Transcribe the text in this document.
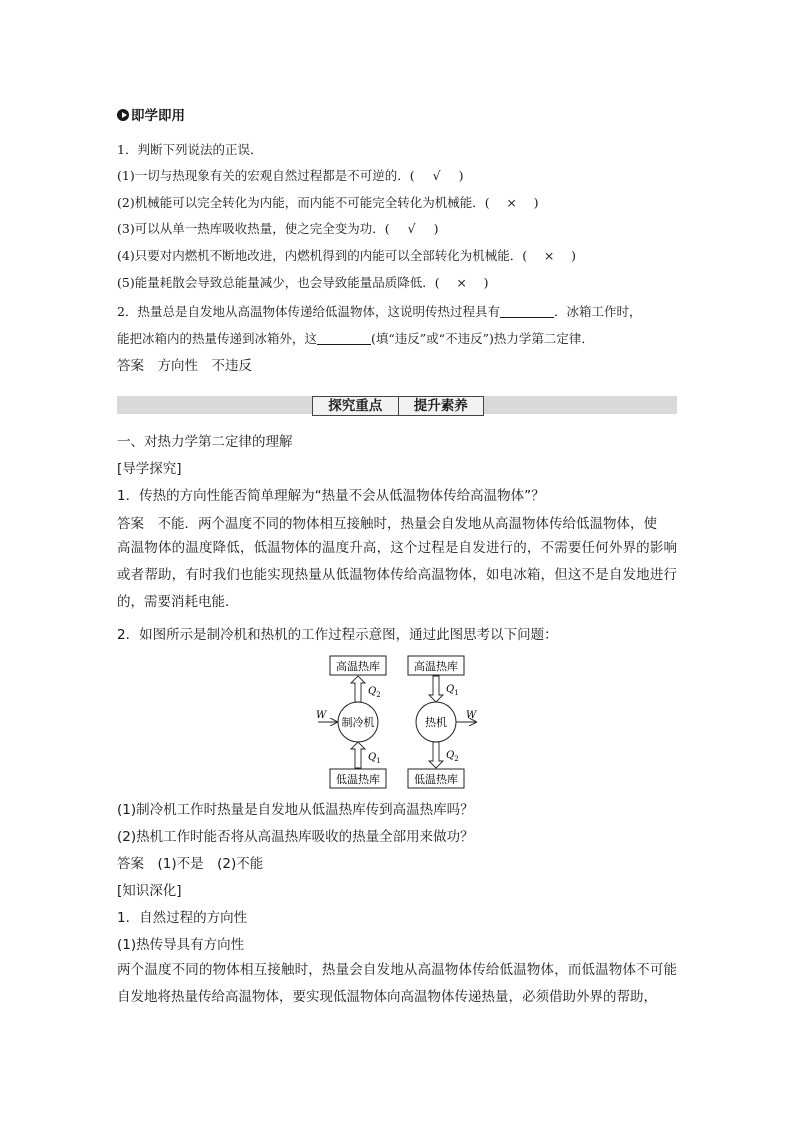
即学即用
1．判断下列说法的正误．
(1)一切与热现象有关的宏观自然过程都是不可逆的．( √ )
(2)机械能可以完全转化为内能，而内能不可能完全转化为机械能．( × )
(3)可以从单一热库吸收热量，使之完全变为功．( √ )
(4)只要对内燃机不断地改进，内燃机得到的内能可以全部转化为机械能．( × )
(5)能量耗散会导致总能量减少，也会导致能量品质降低．( × )
2．热量总是自发地从高温物体传递给低温物体，这说明传热过程具有	．冰箱工作时，
能把冰箱内的热量传递到冰箱外，这	(填“违反”或“不违反”)热力学第二定律．
答案　 方向性　不违反
探究重点	提升素养
一、对热力学第二定律的理解
[导学探究]
1．传热的方向性能否简单理解为“热量不会从低温物体传给高温物体”？
答案　 不能．两个温度不同的物体相互接触时，热量会自发地从高温物体传给低温物体，使
高温物体的温度降低，低温物体的温度升高，这个过程是自发进行的，不需要任何外界的影响或者帮助，有时我们也能实现热量从低温物体传给高温物体，如电冰箱，但这不是自发地进行的，需要消耗电能．
2．如图所示是制冷机和热机的工作过程示意图，通过此图思考以下问题：
高温热库
制冷机
低温热库
$Q_2$
$Q_1$
W
高温热库
热机
低温热库
$Q_1$
$Q_2$
W
(1)制冷机工作时热量是自发地从低温热库传到高温热库吗？
(2)热机工作时能否将从高温热库吸收的热量全部用来做功？
答案　 (1)不是　(2)不能
[知识深化]
1．自然过程的方向性
(1)热传导具有方向性
两个温度不同的物体相互接触时，热量会自发地从高温物体传给低温物体，而低温物体不可能自发地将热量传给高温物体，要实现低温物体向高温物体传递热量，必须借助外界的帮助，
